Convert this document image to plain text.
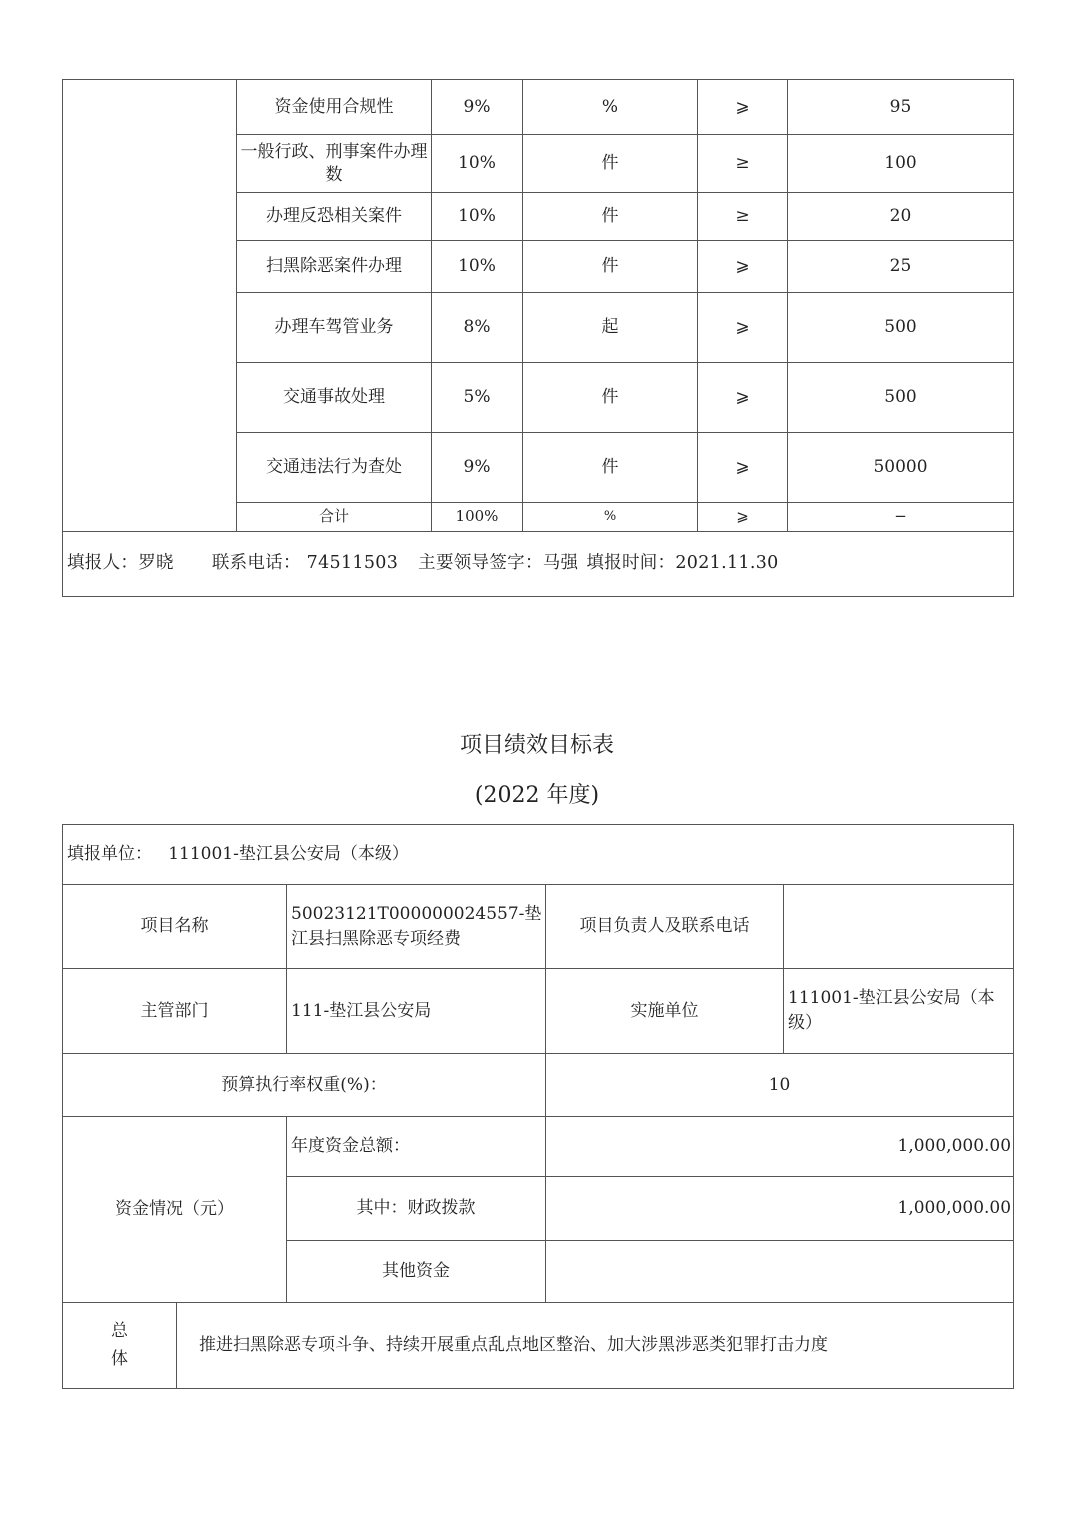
	资金使用合规性	9%	%	⩾	95
	一般行政、刑事案件办理数	10%	件	≥	100
	办理反恐相关案件	10%	件	≥	20
	扫黑除恶案件办理	10%	件	⩾	25
	办理车驾管业务	8%	起	⩾	500
	交通事故处理	5%	件	⩾	500
	交通违法行为查处	9%	件	⩾	50000
	合计	100%	%	⩾	−
填报人：罗晓 联系电话： 74511503 主要领导签字：马强 填报时间：2021.11.30					
项目绩效目标表
(2022 年度)
填报单位：   111001-垫江县公安局（本级）				
项目名称		50023121T000000024557-垫江县扫黑除恶专项经费	项目负责人及联系电话	
主管部门		111-垫江县公安局	实施单位	111001-垫江县公安局（本级）
预算执行率权重(%)：			10	
资金情况（元）		年度资金总额：	1,000,000.00	
		其中：财政拨款	1,000,000.00	
		其他资金		

总
体	推进扫黑除恶专项斗争、持续开展重点乱点地区整治、加大涉黑涉恶类犯罪打击力度			
